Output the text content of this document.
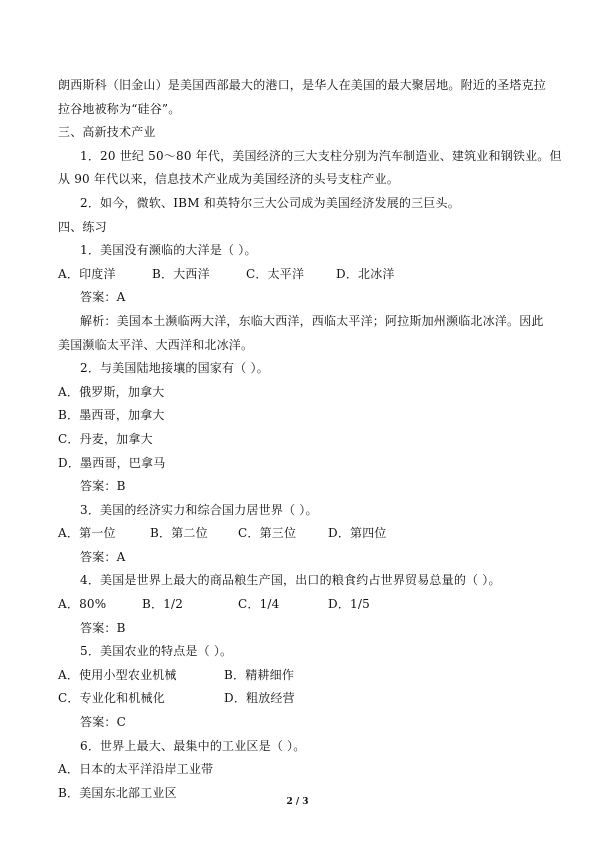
朗西斯科（旧金山）是美国西部最大的港口，是华人在美国的最大聚居地。附近的圣塔克拉
拉谷地被称为“硅谷”。
三、高新技术产业
1．20 世纪 50～80 年代，美国经济的三大支柱分别为汽车制造业、建筑业和钢铁业。但
从 90 年代以来，信息技术产业成为美国经济的头号支柱产业。
2．如今，微软、IBM 和英特尔三大公司成为美国经济发展的三巨头。
四、练习
1．美国没有濒临的大洋是（ ）。
A．印度洋	B．大西洋	C．太平洋	D．北冰洋
答案：A
解析：美国本土濒临两大洋，东临大西洋，西临太平洋；阿拉斯加州濒临北冰洋。因此
美国濒临太平洋、大西洋和北冰洋。
2．与美国陆地接壤的国家有（ ）。
A．俄罗斯，加拿大
B．墨西哥，加拿大
C．丹麦，加拿大
D．墨西哥，巴拿马
答案：B
3．美国的经济实力和综合国力居世界（ ）。
A．第一位	B．第二位	C．第三位	D．第四位
答案：A
4．美国是世界上最大的商品粮生产国，出口的粮食约占世界贸易总量的（ ）。
A．80%	B．1/2	C．1/4	D．1/5
答案：B
5．美国农业的特点是（ ）。
A．使用小型农业机械	B．精耕细作
C．专业化和机械化	D．粗放经营
答案：C
6．世界上最大、最集中的工业区是（ ）。
A．日本的太平洋沿岸工业带
B．美国东北部工业区
2 / 3
